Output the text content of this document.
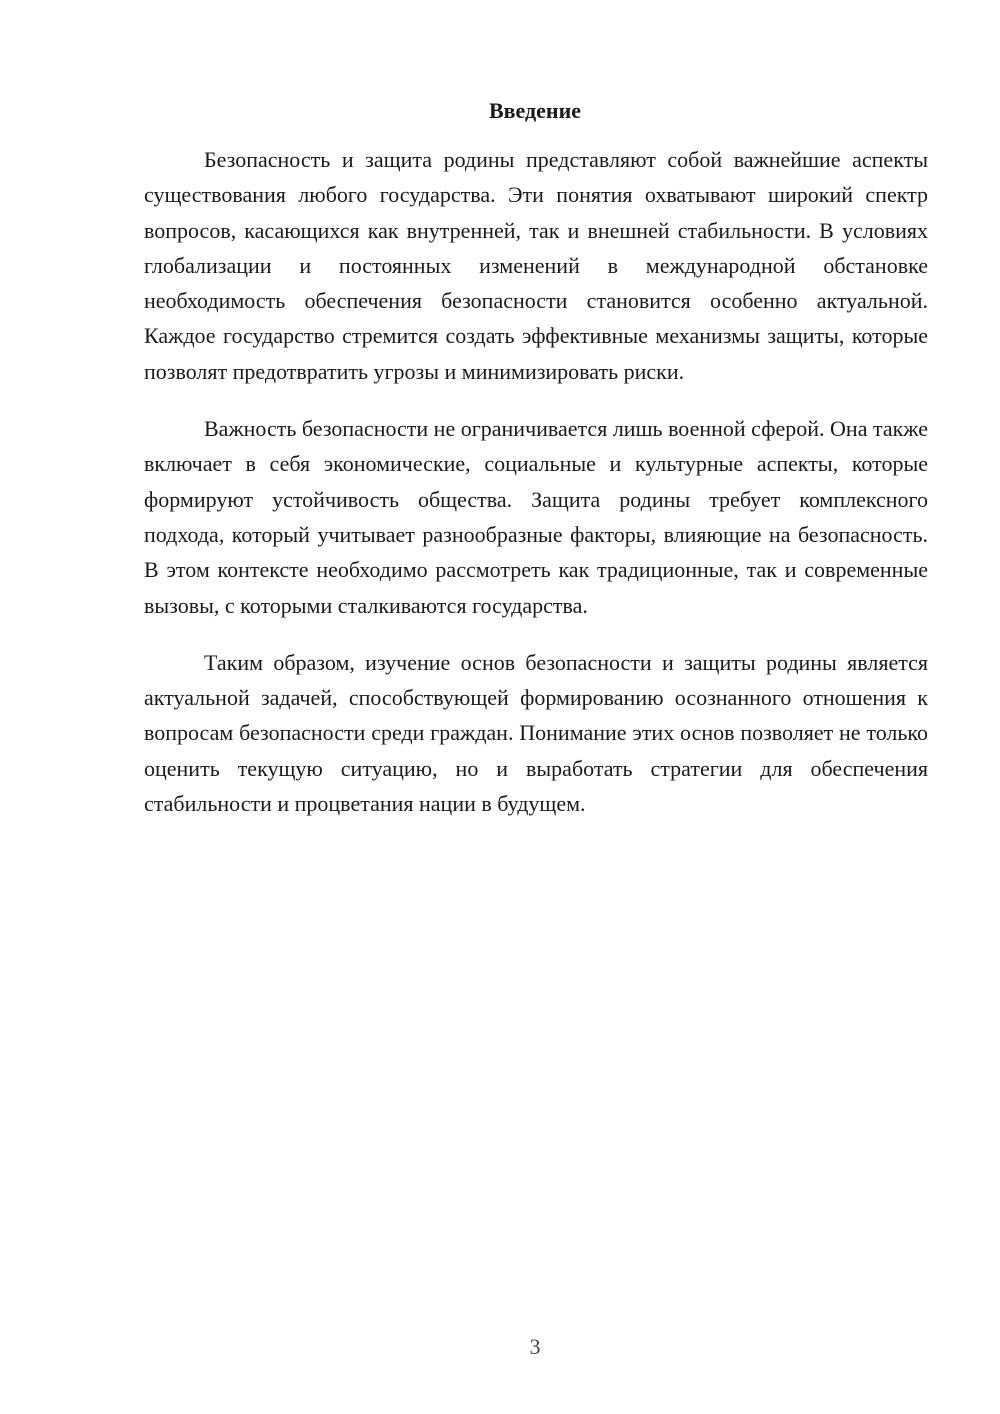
Введение

Безопасность и защита родины представляют собой важнейшие аспекты существования любого государства. Эти понятия охватывают широкий спектр вопросов, касающихся как внутренней, так и внешней стабильности. В условиях глобализации и постоянных изменений в международной обстановке необходимость обеспечения безопасности становится особенно актуальной. Каждое государство стремится создать эффективные механизмы защиты, которые позволят предотвратить угрозы и минимизировать риски.

Важность безопасности не ограничивается лишь военной сферой. Она также включает в себя экономические, социальные и культурные аспекты, которые формируют устойчивость общества. Защита родины требует комплексного подхода, который учитывает разнообразные факторы, влияющие на безопасность. В этом контексте необходимо рассмотреть как традиционные, так и современные вызовы, с которыми сталкиваются государства.

Таким образом, изучение основ безопасности и защиты родины является актуальной задачей, способствующей формированию осознанного отношения к вопросам безопасности среди граждан. Понимание этих основ позволяет не только оценить текущую ситуацию, но и выработать стратегии для обеспечения стабильности и процветания нации в будущем.

3
